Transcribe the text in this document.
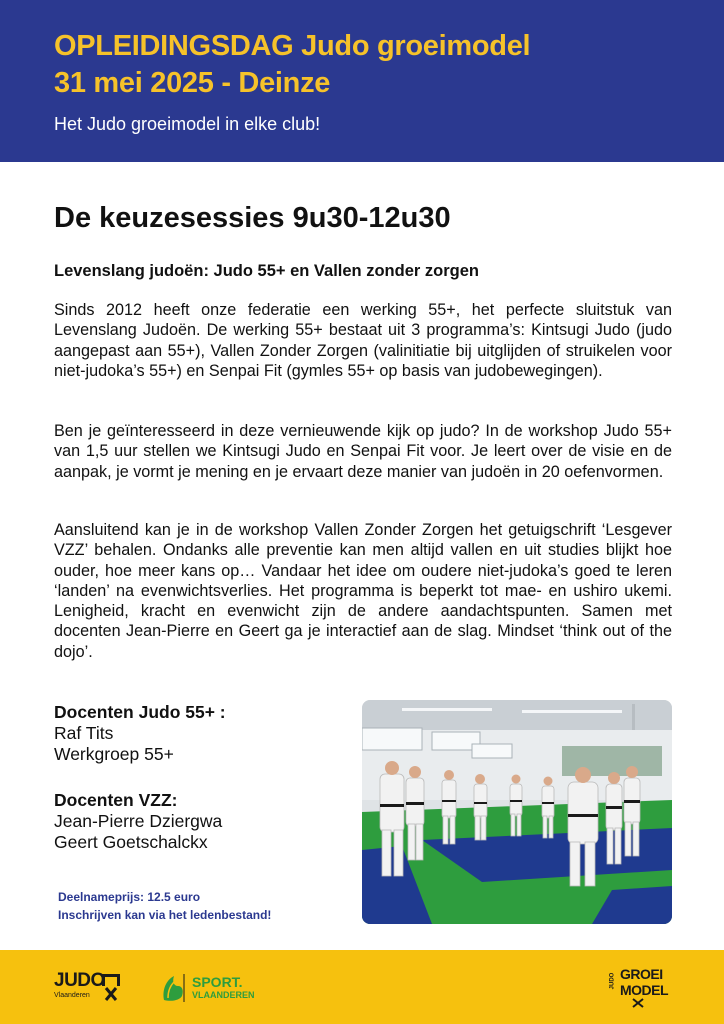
OPLEIDINGSDAG Judo groeimodel
31 mei 2025 - Deinze

Het Judo groeimodel in elke club!

De keuzesessies 9u30-12u30
Levenslang judoën: Judo 55+ en Vallen zonder zorgen

Sinds 2012 heeft onze federatie een werking 55+, het perfecte sluitstuk van Levenslang Judoën. De werking 55+ bestaat uit 3 programma’s: Kintsugi Judo (judo aangepast aan 55+), Vallen Zonder Zorgen (valinitiatie bij uitglijden of struikelen voor niet-judoka’s 55+) en Senpai Fit (gymles 55+ op basis van judobewegingen).

Ben je geïnteresseerd in deze vernieuwende kijk op judo? In de workshop Judo 55+ van 1,5 uur stellen we Kintsugi Judo en Senpai Fit voor. Je leert over de visie en de aanpak, je vormt je mening en je ervaart deze manier van judoën in 20 oefenvormen.

Aansluitend kan je in de workshop Vallen Zonder Zorgen het getuigschrift ‘Lesgever VZZ’ behalen. Ondanks alle preventie kan men altijd vallen en uit studies blijkt hoe ouder, hoe meer kans op… Vandaar het idee om oudere niet-judoka’s goed te leren ‘landen’ na evenwichtsverlies. Het programma is beperkt tot mae- en ushiro ukemi. Lenigheid, kracht en evenwicht zijn de andere aandachtspunten. Samen met docenten Jean-Pierre en Geert ga je interactief aan de slag. Mindset ‘think out of the dojo’.

Docenten Judo 55+ :

Raf Tits

Werkgroep 55+

Docenten VZZ:

Jean-Pierre Dziergwa

Geert Goetschalckx

Deelnameprijs: 12.5 euro
Inschrijven kan via het ledenbestand!
JUDO
Vlaanderen
SPORT.
VLAANDEREN
JUDO GROEI
MODEL
